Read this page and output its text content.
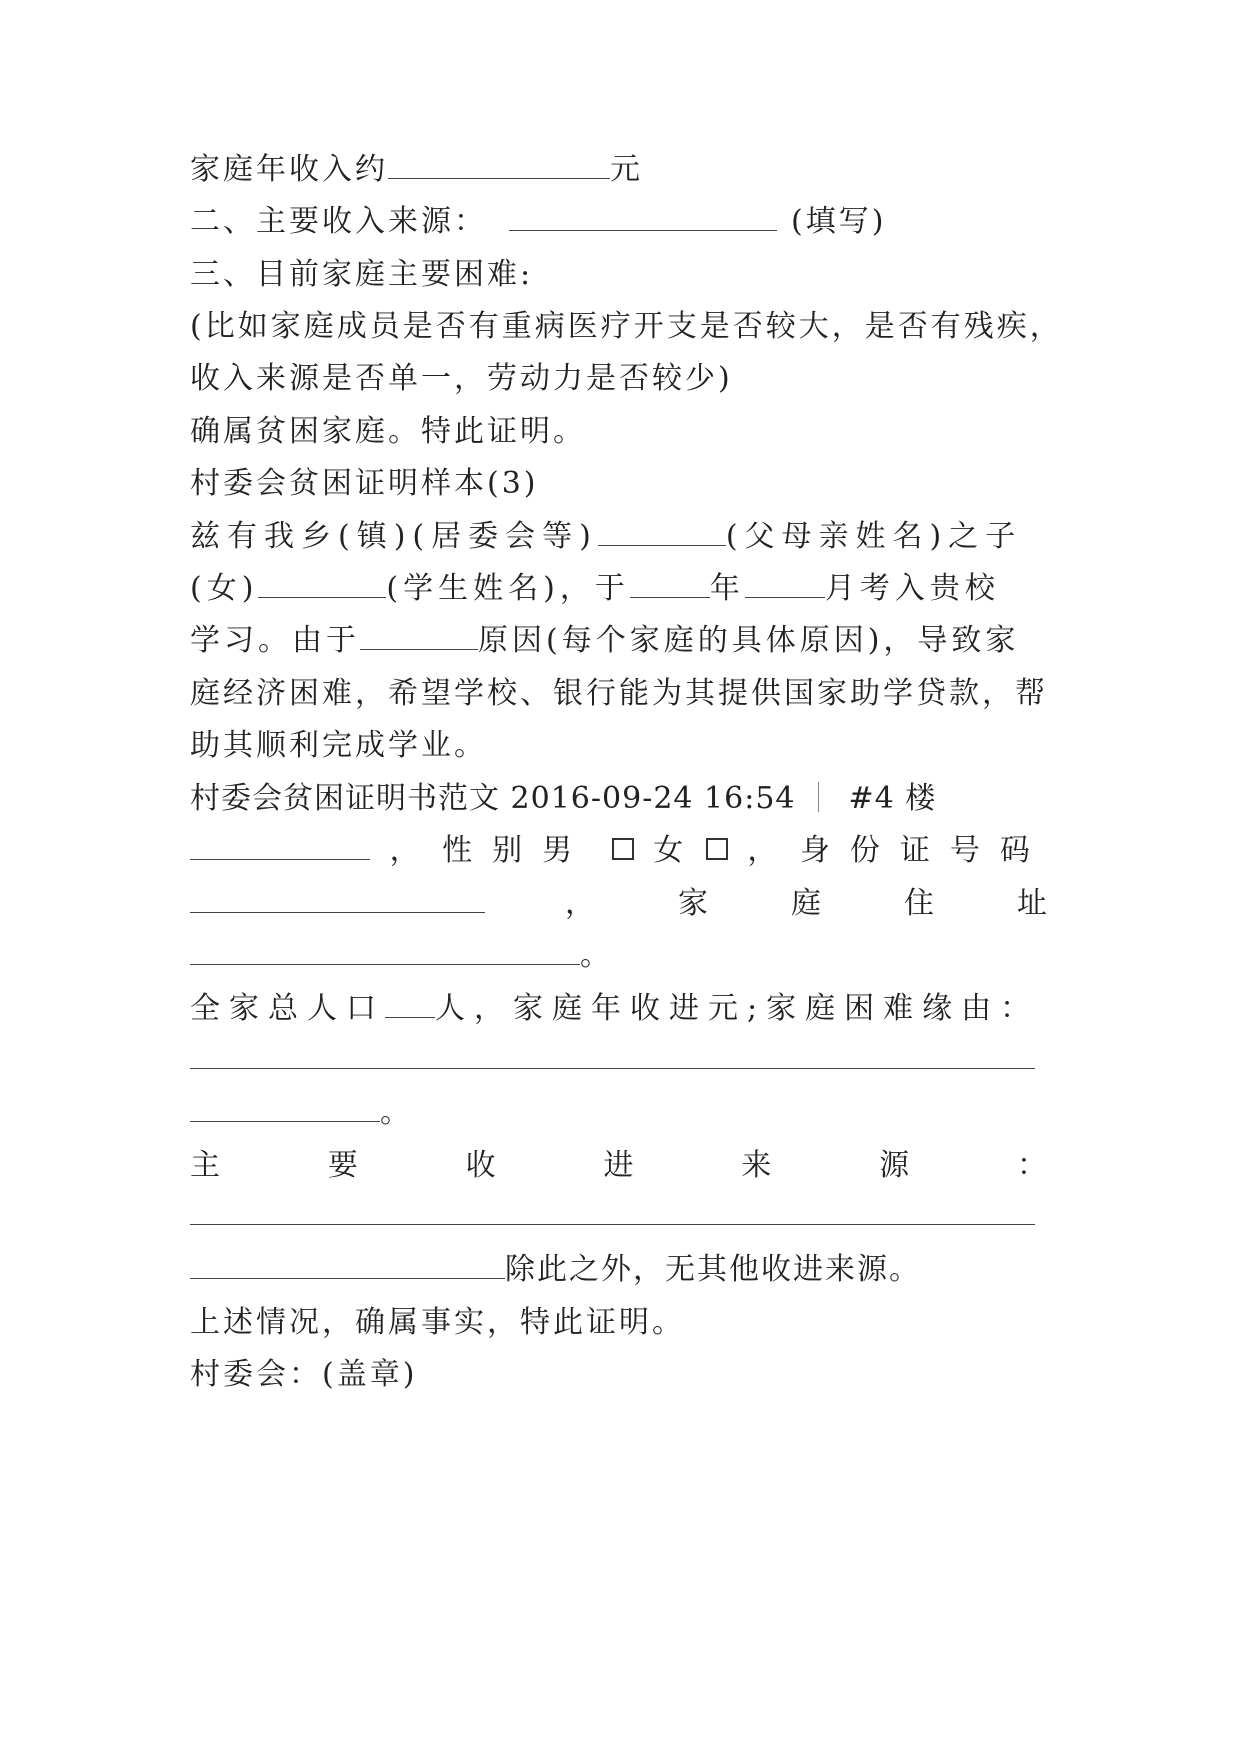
家庭年收入约	元
二、主要收入来源：	(填写)
三、目前家庭主要困难:
(比如家庭成员是否有重病医疗开支是否较大，是否有残疾，
收入来源是否单一，劳动力是否较少)
确属贫困家庭。特此证明。
村委会贫困证明样本(3)
兹有我乡(镇)(居委会等)	(父母亲姓名)之子
(女)	(学生姓名)，于	年	月考入贵校
学习。由于	原因(每个家庭的具体原因)，导致家
庭经济困难，希望学校、银行能为其提供国家助学贷款，帮
助其顺利完成学业。
村委会贫困证明书范文 2016-09-24 16:54 #4 楼
， 性别男 女 ， 身份证号码
，	家	庭	住	址
。
全家总人口 人，家庭年收进元;家庭困难缘由：
。
主	要	收	进	来	源	：
除此之外，无其他收进来源。
上述情况，确属事实，特此证明。
村委会：(盖章)
